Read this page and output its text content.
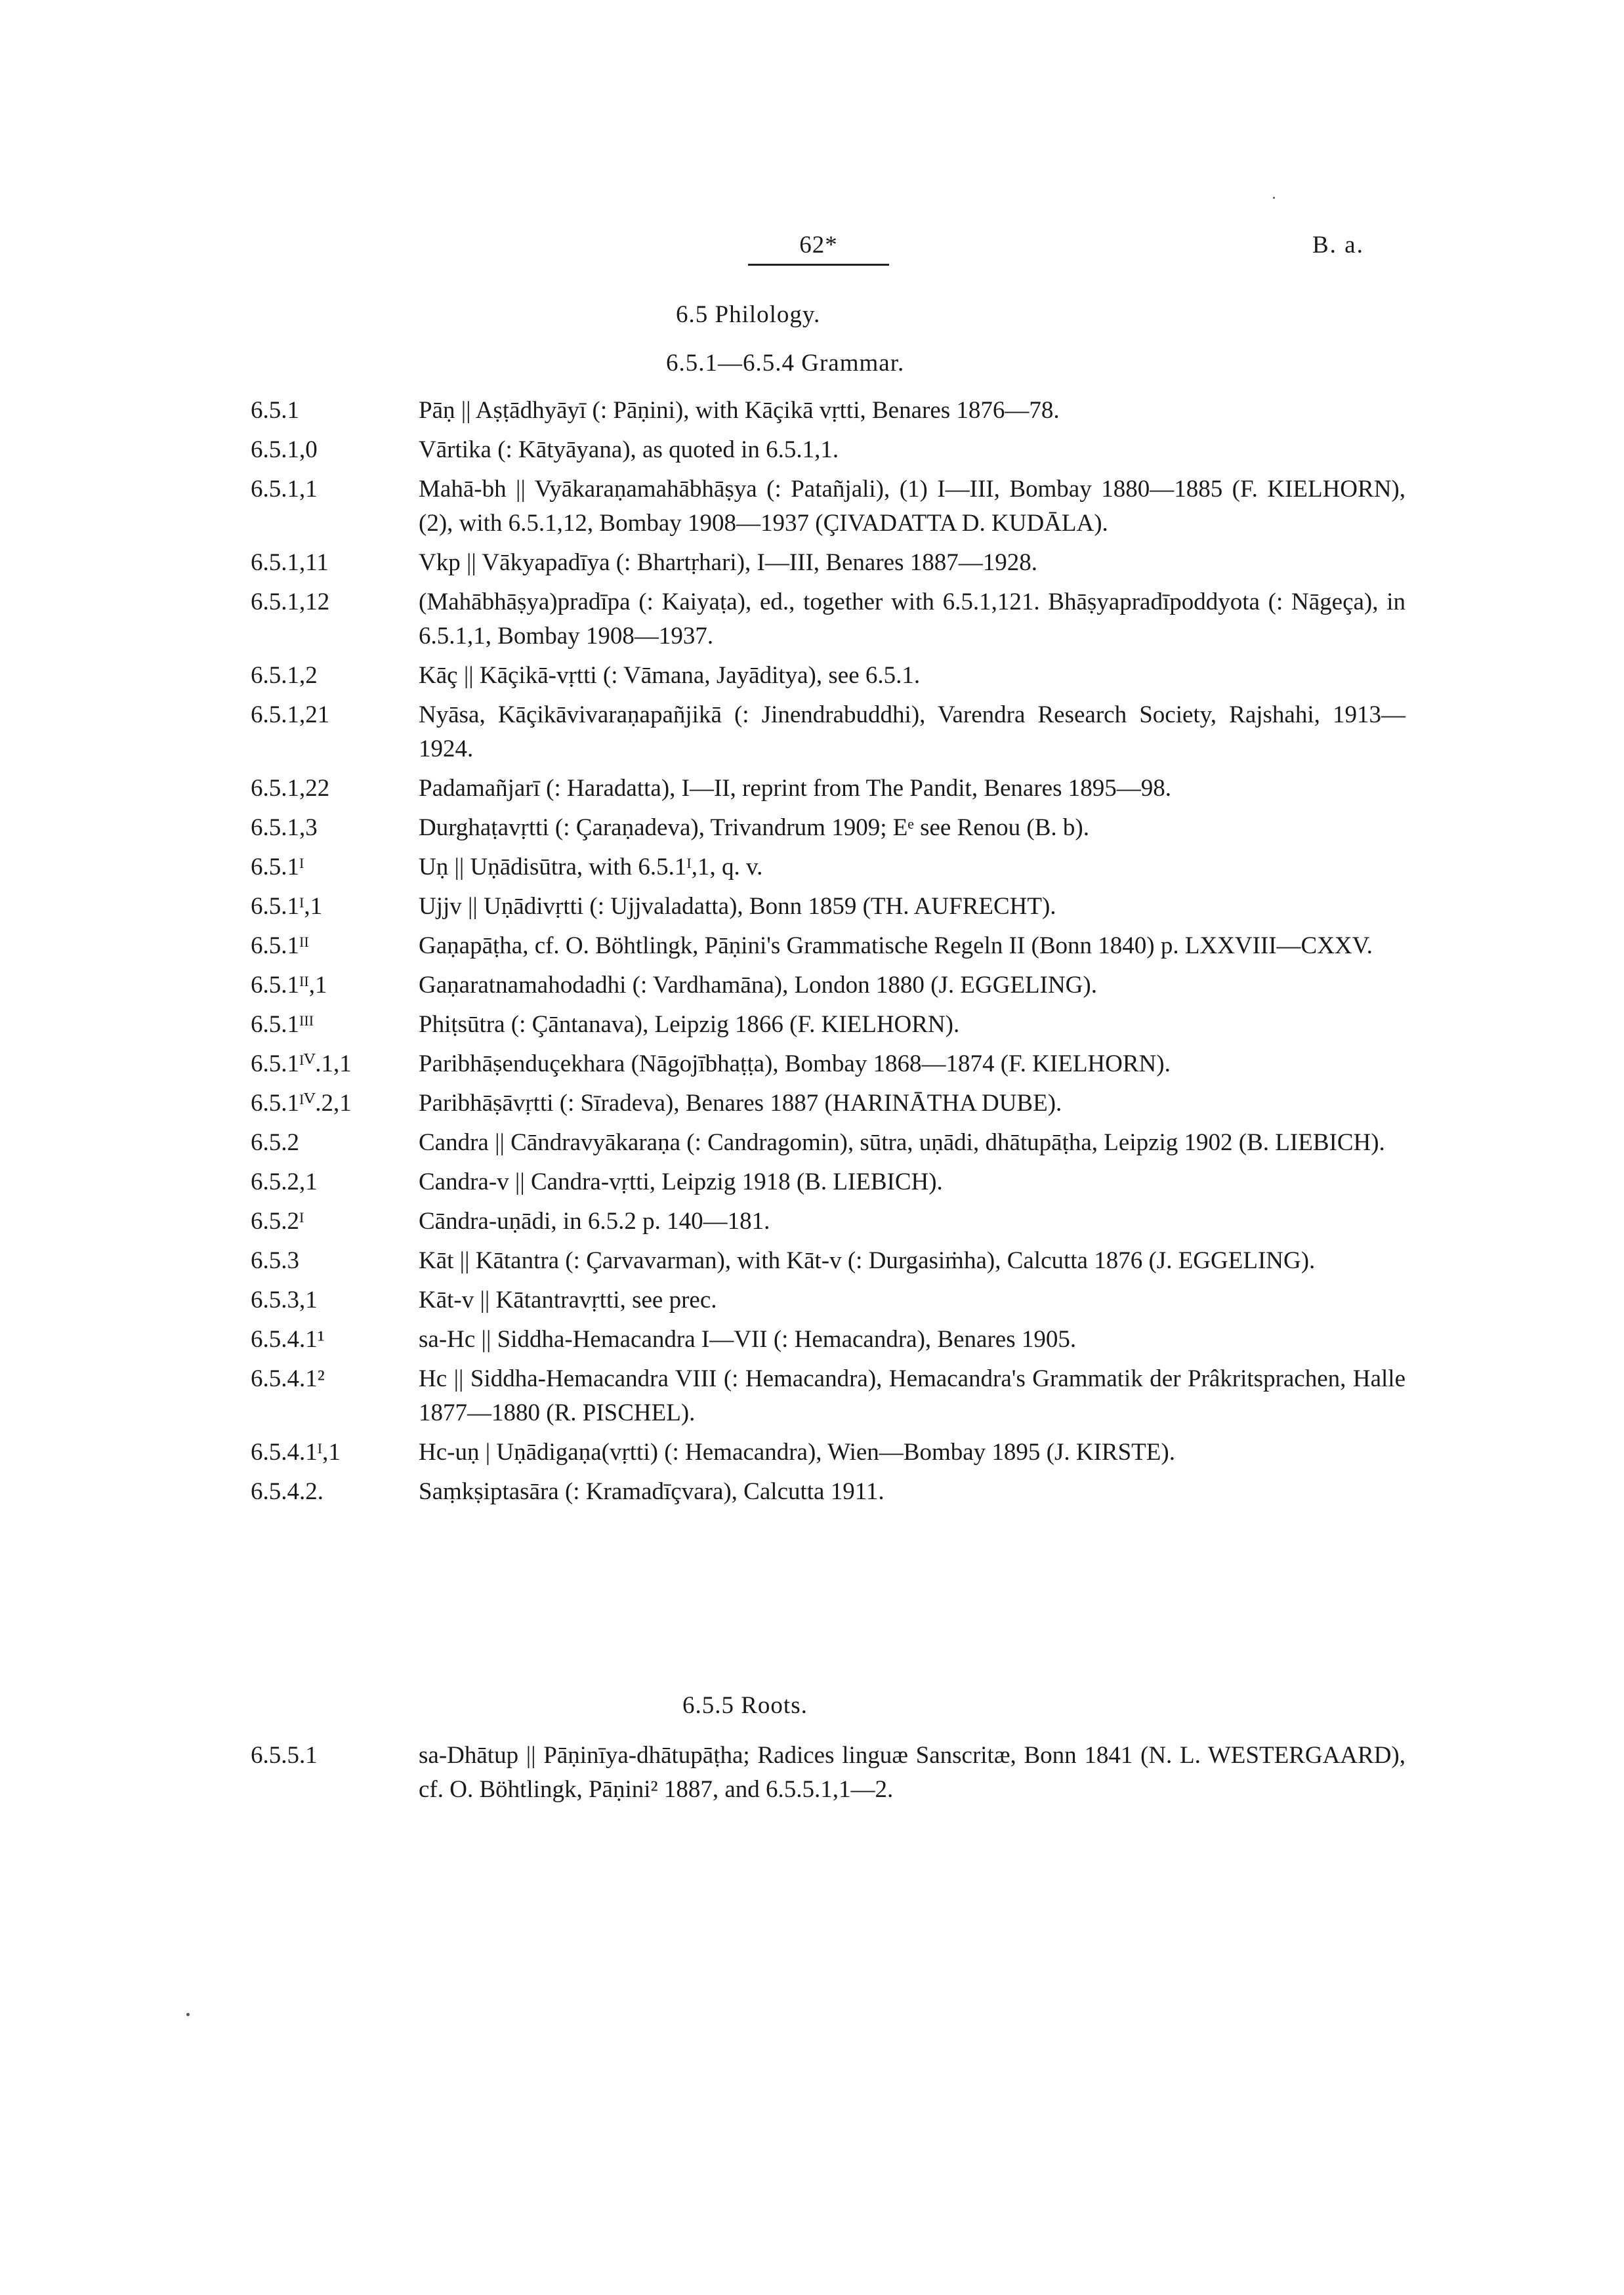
62*	B. a.
6.5 Philology.
6.5.1—6.5.4 Grammar.
6.5.1	Pāṇ || Aṣṭādhyāyī (: Pāṇini), with Kāçikā vṛtti, Benares 1876—78.
6.5.1,0	Vārtika (: Kātyāyana), as quoted in 6.5.1,1.
6.5.1,1	Mahā-bh || Vyākaraṇamahābhāṣya (: Patañjali), (1) I—III, Bombay 1880—1885 (F. KIELHORN), (2), with 6.5.1,12, Bombay 1908—1937 (ÇIVADATTA D. KUDĀLA).
6.5.1,11	Vkp || Vākyapadīya (: Bhartṛhari), I—III, Benares 1887—1928.
6.5.1,12	(Mahābhāṣya)pradīpa (: Kaiyaṭa), ed., together with 6.5.1,121. Bhāṣyapradīpoddyota (: Nāgeça), in 6.5.1,1, Bombay 1908—1937.
6.5.1,2	Kāç || Kāçikā-vṛtti (: Vāmana, Jayāditya), see 6.5.1.
6.5.1,21	Nyāsa, Kāçikāvivaraṇapañjikā (: Jinendrabuddhi), Varendra Research Society, Rajshahi, 1913—1924.
6.5.1,22	Padamañjarī (: Haradatta), I—II, reprint from The Pandit, Benares 1895—98.
6.5.1,3	Durghaṭavṛtti (: Çaraṇadeva), Trivandrum 1909; Eᵉ see Renou (B. b).
6.5.1ᴵ	Uṇ || Uṇādisūtra, with 6.5.1ᴵ,1, q. v.
6.5.1ᴵ,1	Ujjv || Uṇādivṛtti (: Ujjvaladatta), Bonn 1859 (TH. AUFRECHT).
6.5.1ᴵᴵ	Gaṇapāṭha, cf. O. Böhtlingk, Pāṇini's Grammatische Regeln II (Bonn 1840) p. LXXVIII—CXXV.
6.5.1ᴵᴵ,1	Gaṇaratnamahodadhi (: Vardhamāna), London 1880 (J. EGGELING).
6.5.1ᴵᴵᴵ	Phiṭsūtra (: Çāntanava), Leipzig 1866 (F. KIELHORN).
6.5.1ᴵⱽ.1,1	Paribhāṣenduçekhara (Nāgojībhaṭṭa), Bombay 1868—1874 (F. KIELHORN).
6.5.1ᴵⱽ.2,1	Paribhāṣāvṛtti (: Sīradeva), Benares 1887 (HARINĀTHA DUBE).
6.5.2	Candra || Cāndravyākaraṇa (: Candragomin), sūtra, uṇādi, dhātupāṭha, Leipzig 1902 (B. LIEBICH).
6.5.2,1	Candra-v || Candra-vṛtti, Leipzig 1918 (B. LIEBICH).
6.5.2ᴵ	Cāndra-uṇādi, in 6.5.2 p. 140—181.
6.5.3	Kāt || Kātantra (: Çarvavarman), with Kāt-v (: Durgasiṁha), Calcutta 1876 (J. EGGELING).
6.5.3,1	Kāt-v || Kātantravṛtti, see prec.
6.5.4.1¹	sa-Hc || Siddha-Hemacandra I—VII (: Hemacandra), Benares 1905.
6.5.4.1²	Hc || Siddha-Hemacandra VIII (: Hemacandra), Hemacandra's Grammatik der Prâkritsprachen, Halle 1877—1880 (R. PISCHEL).
6.5.4.1ᴵ,1	Hc-uṇ | Uṇādigaṇa(vṛtti) (: Hemacandra), Wien—Bombay 1895 (J. KIRSTE).
6.5.4.2.	Saṃkṣiptasāra (: Kramadīçvara), Calcutta 1911.
6.5.5 Roots.
6.5.5.1	sa-Dhātup || Pāṇinīya-dhātupāṭha; Radices linguæ Sanscritæ, Bonn 1841 (N. L. WESTERGAARD), cf. O. Böhtlingk, Pāṇini² 1887, and 6.5.5.1,1—2.
